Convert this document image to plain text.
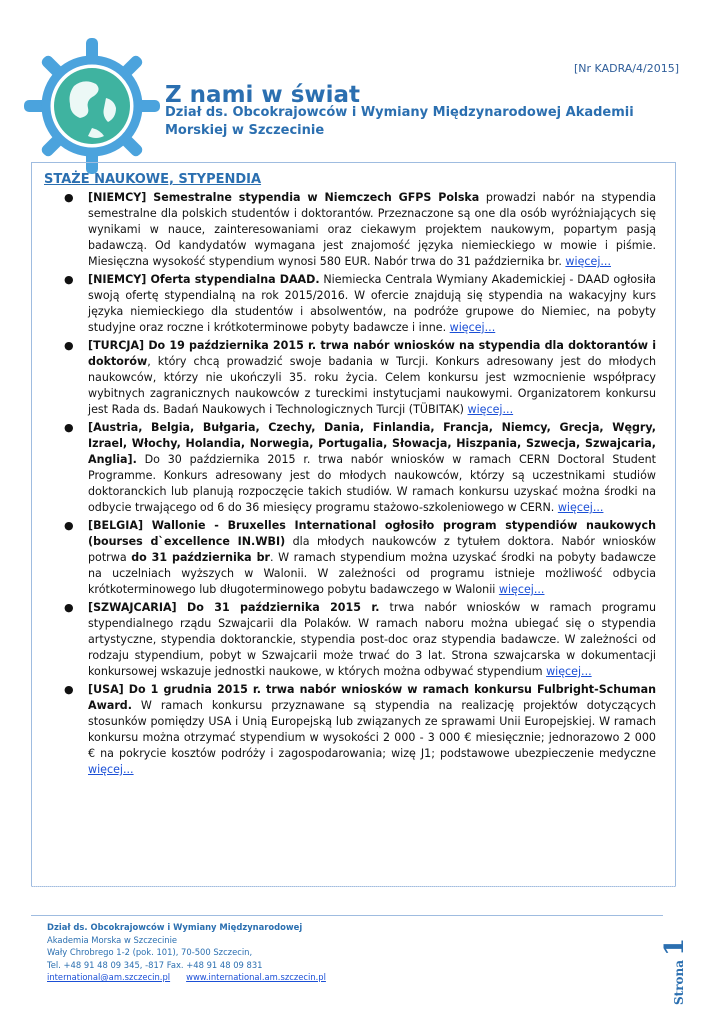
[Nr KADRA/4/2015]
Z nami w świat
Dział ds. Obcokrajowców i Wymiany Międzynarodowej Akademii Morskiej w Szczecinie
STAŻE NAUKOWE, STYPENDIA
● [NIEMCY] Semestralne stypendia w Niemczech GFPS Polska prowadzi nabór na stypendia semestralne dla polskich studentów i doktorantów. Przeznaczone są one dla osób wyróżniających się wynikami w nauce, zainteresowaniami oraz ciekawym projektem naukowym, popartym pasją badawczą. Od kandydatów wymagana jest znajomość języka niemieckiego w mowie i piśmie. Miesięczna wysokość stypendium wynosi 580 EUR. Nabór trwa do 31 października br. więcej...
● [NIEMCY] Oferta stypendialna DAAD. Niemiecka Centrala Wymiany Akademickiej - DAAD ogłosiła swoją ofertę stypendialną na rok 2015/2016. W ofercie znajdują się stypendia na wakacyjny kurs języka niemieckiego dla studentów i absolwentów, na podróże grupowe do Niemiec, na pobyty studyjne oraz roczne i krótkoterminowe pobyty badawcze i inne. więcej...
● [TURCJA] Do 19 października 2015 r. trwa nabór wniosków na stypendia dla doktorantów i doktorów, który chcą prowadzić swoje badania w Turcji. Konkurs adresowany jest do młodych naukowców, którzy nie ukończyli 35. roku życia. Celem konkursu jest wzmocnienie współpracy wybitnych zagranicznych naukowców z tureckimi instytucjami naukowymi. Organizatorem konkursu jest Rada ds. Badań Naukowych i Technologicznych Turcji (TÜBITAK) więcej...
● [Austria, Belgia, Bułgaria, Czechy, Dania, Finlandia, Francja, Niemcy, Grecja, Węgry, Izrael, Włochy, Holandia, Norwegia, Portugalia, Słowacja, Hiszpania, Szwecja, Szwajcaria, Anglia]. Do 30 października 2015 r. trwa nabór wniosków w ramach CERN Doctoral Student Programme. Konkurs adresowany jest do młodych naukowców, którzy są uczestnikami studiów doktoranckich lub planują rozpoczęcie takich studiów. W ramach konkursu uzyskać można środki na odbycie trwającego od 6 do 36 miesięcy programu stażowo-szkoleniowego w CERN. więcej...
● [BELGIA] Wallonie - Bruxelles International ogłosiło program stypendiów naukowych (bourses d`excellence IN.WBI) dla młodych naukowców z tytułem doktora. Nabór wniosków potrwa do 31 października br. W ramach stypendium można uzyskać środki na pobyty badawcze na uczelniach wyższych w Walonii. W zależności od programu istnieje możliwość odbycia krótkoterminowego lub długoterminowego pobytu badawczego w Walonii więcej...
● [SZWAJCARIA] Do 31 października 2015 r. trwa nabór wniosków w ramach programu stypendialnego rządu Szwajcarii dla Polaków. W ramach naboru można ubiegać się o stypendia artystyczne, stypendia doktoranckie, stypendia post-doc oraz stypendia badawcze. W zależności od rodzaju stypendium, pobyt w Szwajcarii może trwać do 3 lat. Strona szwajcarska w dokumentacji konkursowej wskazuje jednostki naukowe, w których można odbywać stypendium więcej...
● [USA] Do 1 grudnia 2015 r. trwa nabór wniosków w ramach konkursu Fulbright-Schuman Award. W ramach konkursu przyznawane są stypendia na realizację projektów dotyczących stosunków pomiędzy USA i Unią Europejską lub związanych ze sprawami Unii Europejskiej. W ramach konkursu można otrzymać stypendium w wysokości 2 000 - 3 000 € miesięcznie; jednorazowo 2 000 € na pokrycie kosztów podróży i zagospodarowania; wizę J1; podstawowe ubezpieczenie medyczne więcej...
Dział ds. Obcokrajowców i Wymiany Międzynarodowej
Akademia Morska w Szczecinie
Wały Chrobrego 1-2 (pok. 101), 70-500 Szczecin,
Tel. +48 91 48 09 345, -817 Fax. +48 91 48 09 831
international@am.szczecin.pl www.international.am.szczecin.pl	Strona1
